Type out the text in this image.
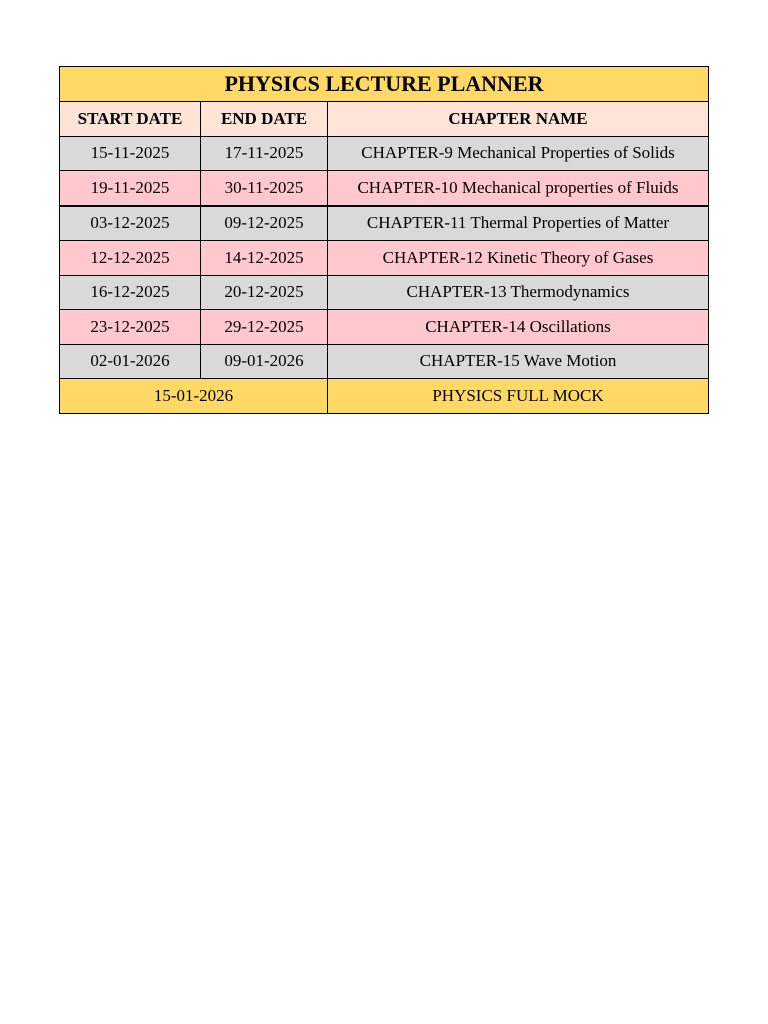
PHYSICS LECTURE PLANNER		
START DATE	END DATE	CHAPTER NAME
15-11-2025	17-11-2025	CHAPTER-9 Mechanical Properties of Solids
19-11-2025	30-11-2025	CHAPTER-10 Mechanical properties of Fluids
03-12-2025	09-12-2025	CHAPTER-11 Thermal Properties of Matter
12-12-2025	14-12-2025	CHAPTER-12 Kinetic Theory of Gases
16-12-2025	20-12-2025	CHAPTER-13 Thermodynamics
23-12-2025	29-12-2025	CHAPTER-14 Oscillations
02-01-2026	09-01-2026	CHAPTER-15 Wave Motion
15-01-2026		PHYSICS FULL MOCK
